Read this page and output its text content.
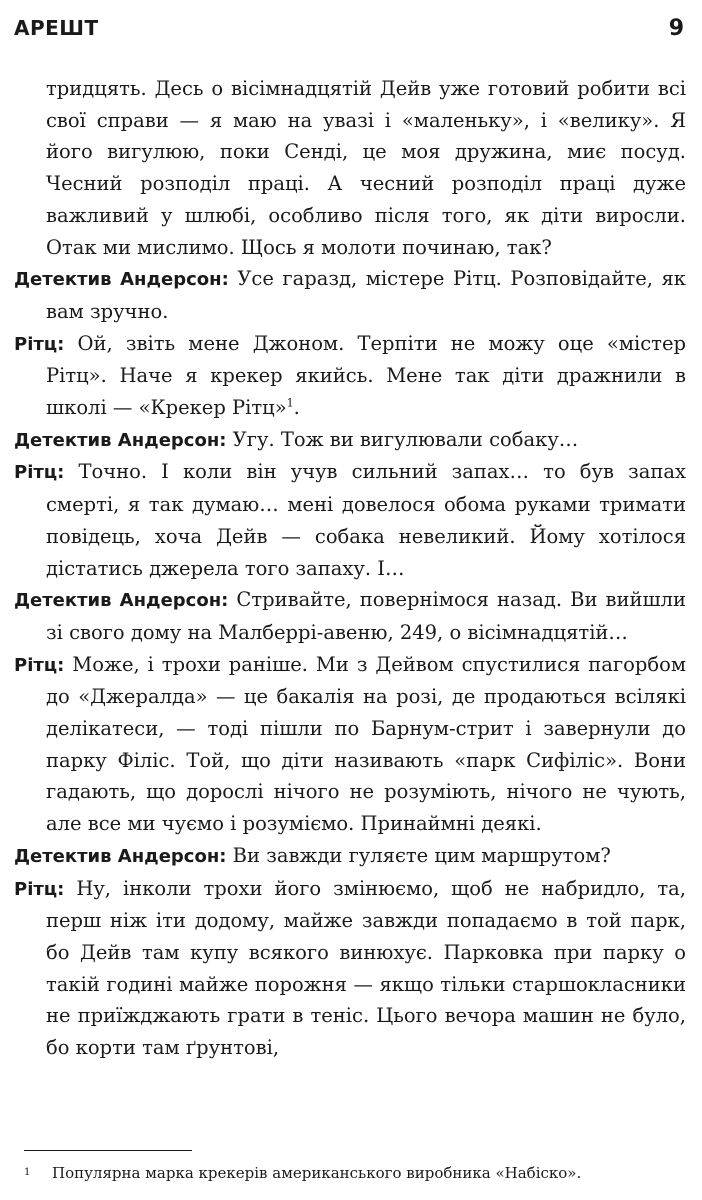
АРЕШТ	9

тридцять. Десь о вісімнадцятій Дейв уже готовий робити всі свої справи — я маю на увазі і «маленьку», і «велику». Я його вигулюю, поки Сенді, це моя дружина, миє посуд. Чесний розподіл праці. А чесний розподіл праці дуже важливий у шлюбі, особливо після того, як діти виросли. Отак ми мислимо. Щось я молоти починаю, так?

Детектив Андерсон: Усе гаразд, містере Рітц. Розповідайте, як вам зручно.

Рітц: Ой, звіть мене Джоном. Терпіти не можу оце «містер Рітц». Наче я крекер якийсь. Мене так діти дражнили в школі — «Крекер Рітц»$^1$.

Детектив Андерсон: Угу. Тож ви вигулювали собаку…

Рітц: Точно. І коли він учув сильний запах… то був запах смерті, я так думаю… мені довелося обома руками тримати повідець, хоча Дейв — собака невеликий. Йому хотілося дістатись джерела того запаху. І…

Детектив Андерсон: Стривайте, повернімося назад. Ви вийшли зі свого дому на Малберрі-авеню, 249, о вісімнадцятій…

Рітц: Може, і трохи раніше. Ми з Дейвом спустилися пагорбом до «Джералда» — це бакалія на розі, де продаються всілякі делікатеси, — тоді пішли по Барнум-стрит і завернули до парку Філіс. Той, що діти називають «парк Сифіліс». Вони гадають, що дорослі нічого не розуміють, нічого не чують, але все ми чуємо і розуміємо. Принаймні деякі.

Детектив Андерсон: Ви завжди гуляєте цим маршрутом?

Рітц: Ну, інколи трохи його змінюємо, щоб не набридло, та, перш ніж іти додому, майже завжди попадаємо в той парк, бо Дейв там купу всякого винюхує. Парковка при парку о такій годині майже порожня — якщо тільки старшокласники не приїжджають грати в теніс. Цього вечора машин не було, бо корти там ґрунтові,

1 Популярна марка крекерів американського виробника «Набіско».
